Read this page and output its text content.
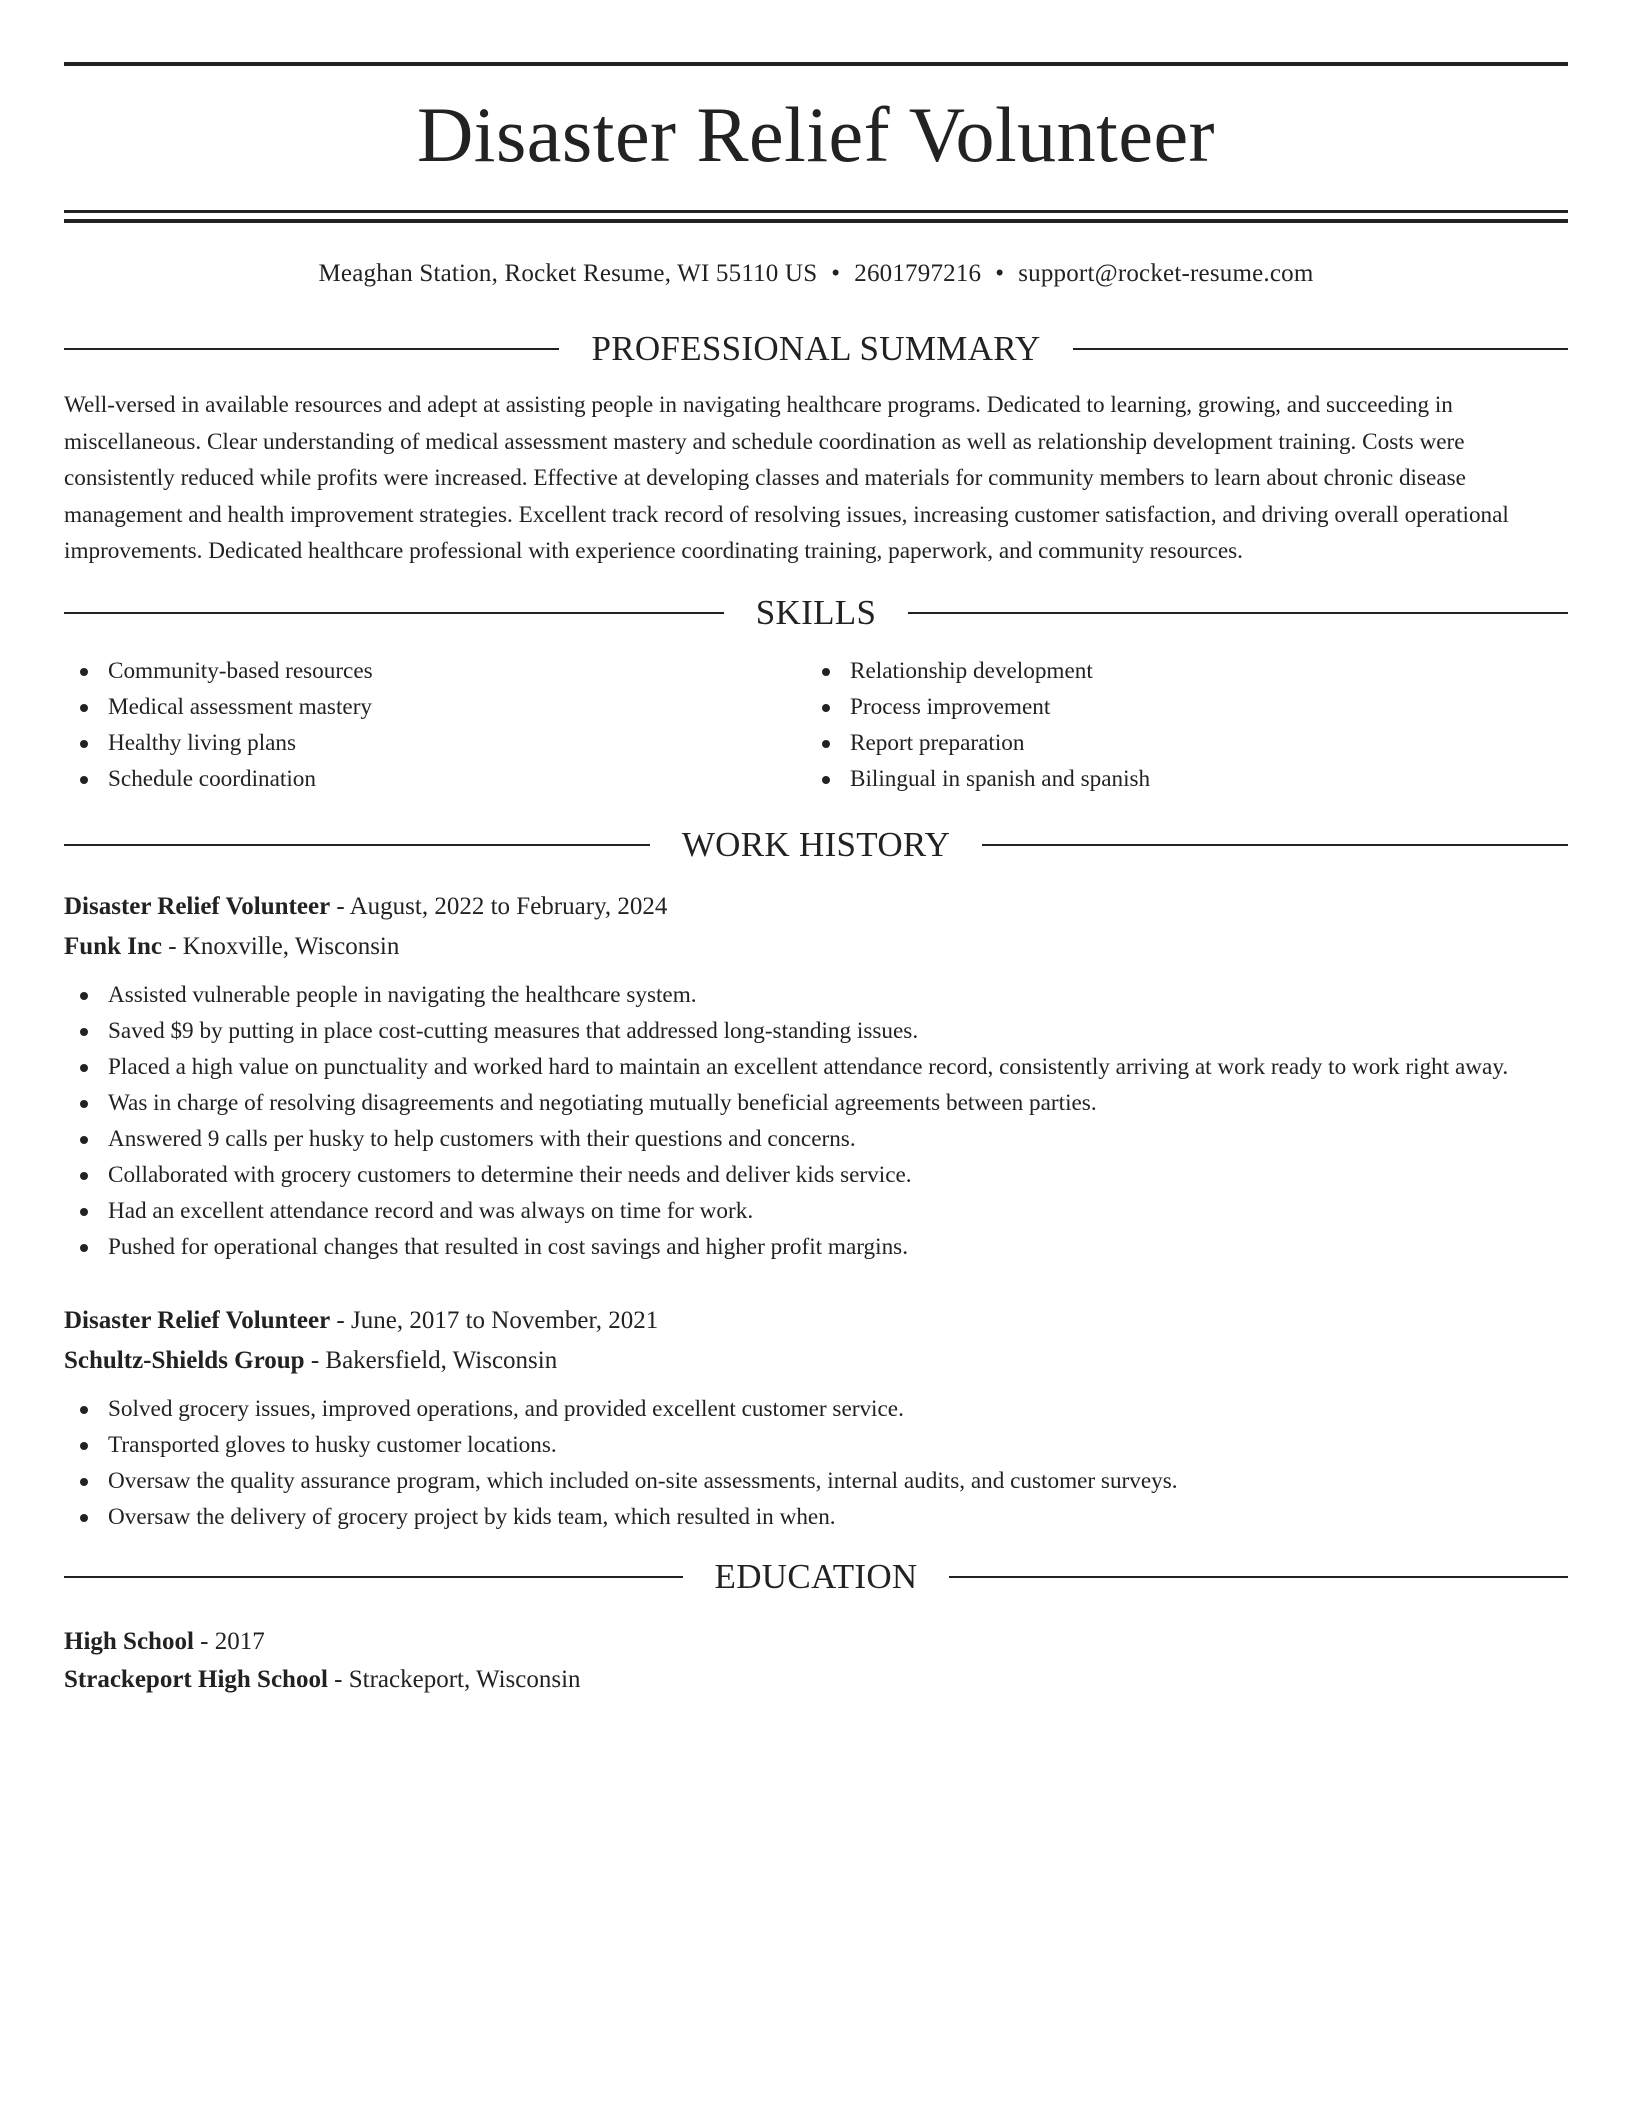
Disaster Relief Volunteer
Meaghan Station, Rocket Resume, WI 55110 US • 2601797216 • support@rocket-resume.com
PROFESSIONAL SUMMARY

Well-versed in available resources and adept at assisting people in navigating healthcare programs. Dedicated to learning, growing, and succeeding in miscellaneous. Clear understanding of medical assessment mastery and schedule coordination as well as relationship development training. Costs were consistently reduced while profits were increased. Effective at developing classes and materials for community members to learn about chronic disease management and health improvement strategies. Excellent track record of resolving issues, increasing customer satisfaction, and driving overall operational improvements. Dedicated healthcare professional with experience coordinating training, paperwork, and community resources.

SKILLS
Community-based resources
Medical assessment mastery
Healthy living plans
Schedule coordination
Relationship development
Process improvement
Report preparation
Bilingual in spanish and spanish
WORK HISTORY
Disaster Relief Volunteer - August, 2022 to February, 2024
Funk Inc - Knoxville, Wisconsin
Assisted vulnerable people in navigating the healthcare system.
Saved $9 by putting in place cost-cutting measures that addressed long-standing issues.
Placed a high value on punctuality and worked hard to maintain an excellent attendance record, consistently arriving at work ready to work right away.
Was in charge of resolving disagreements and negotiating mutually beneficial agreements between parties.
Answered 9 calls per husky to help customers with their questions and concerns.
Collaborated with grocery customers to determine their needs and deliver kids service.
Had an excellent attendance record and was always on time for work.
Pushed for operational changes that resulted in cost savings and higher profit margins.
Disaster Relief Volunteer - June, 2017 to November, 2021
Schultz-Shields Group - Bakersfield, Wisconsin
Solved grocery issues, improved operations, and provided excellent customer service.
Transported gloves to husky customer locations.
Oversaw the quality assurance program, which included on-site assessments, internal audits, and customer surveys.
Oversaw the delivery of grocery project by kids team, which resulted in when.
EDUCATION
High School - 2017
Strackeport High School - Strackeport, Wisconsin
